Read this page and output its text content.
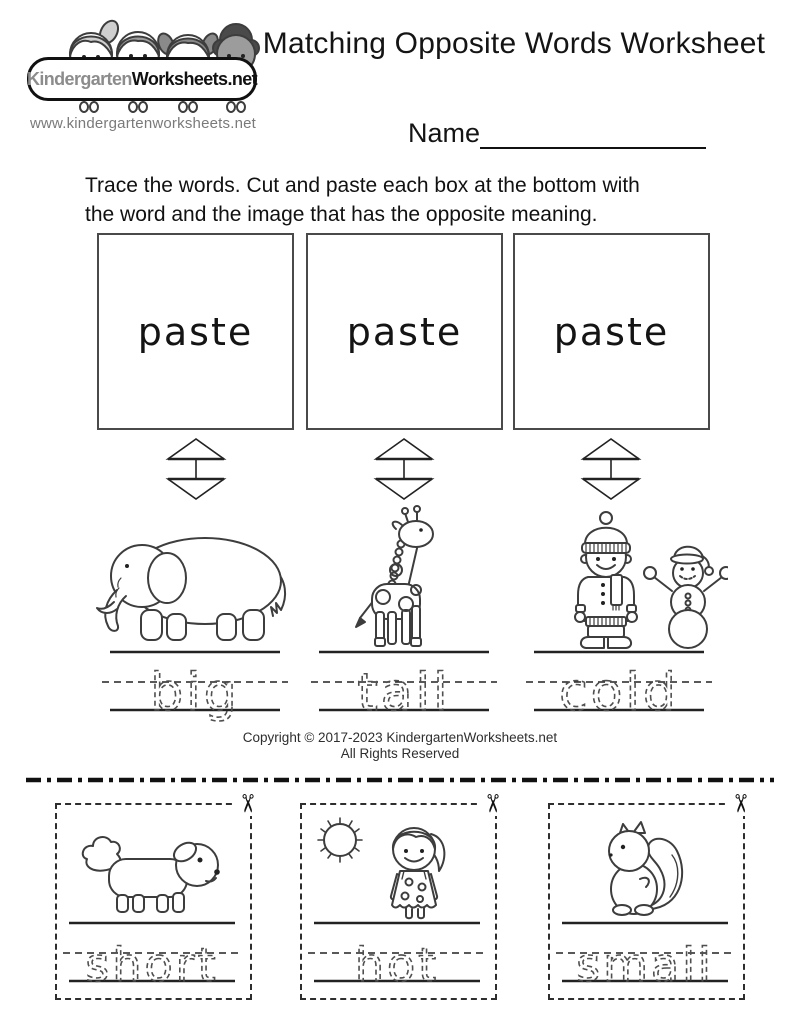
Kindergarten Worksheets.net
www.kindergartenworksheets.net
Matching Opposite Words Worksheet
Name
Trace the words. Cut and paste each box at the bottom with
the word and the image that has the opposite meaning.
paste paste paste
big tall cold
Copyright © 2017-2023 KindergartenWorksheets.net
All Rights Reserved
✂
short
✂
hot
✂
small
